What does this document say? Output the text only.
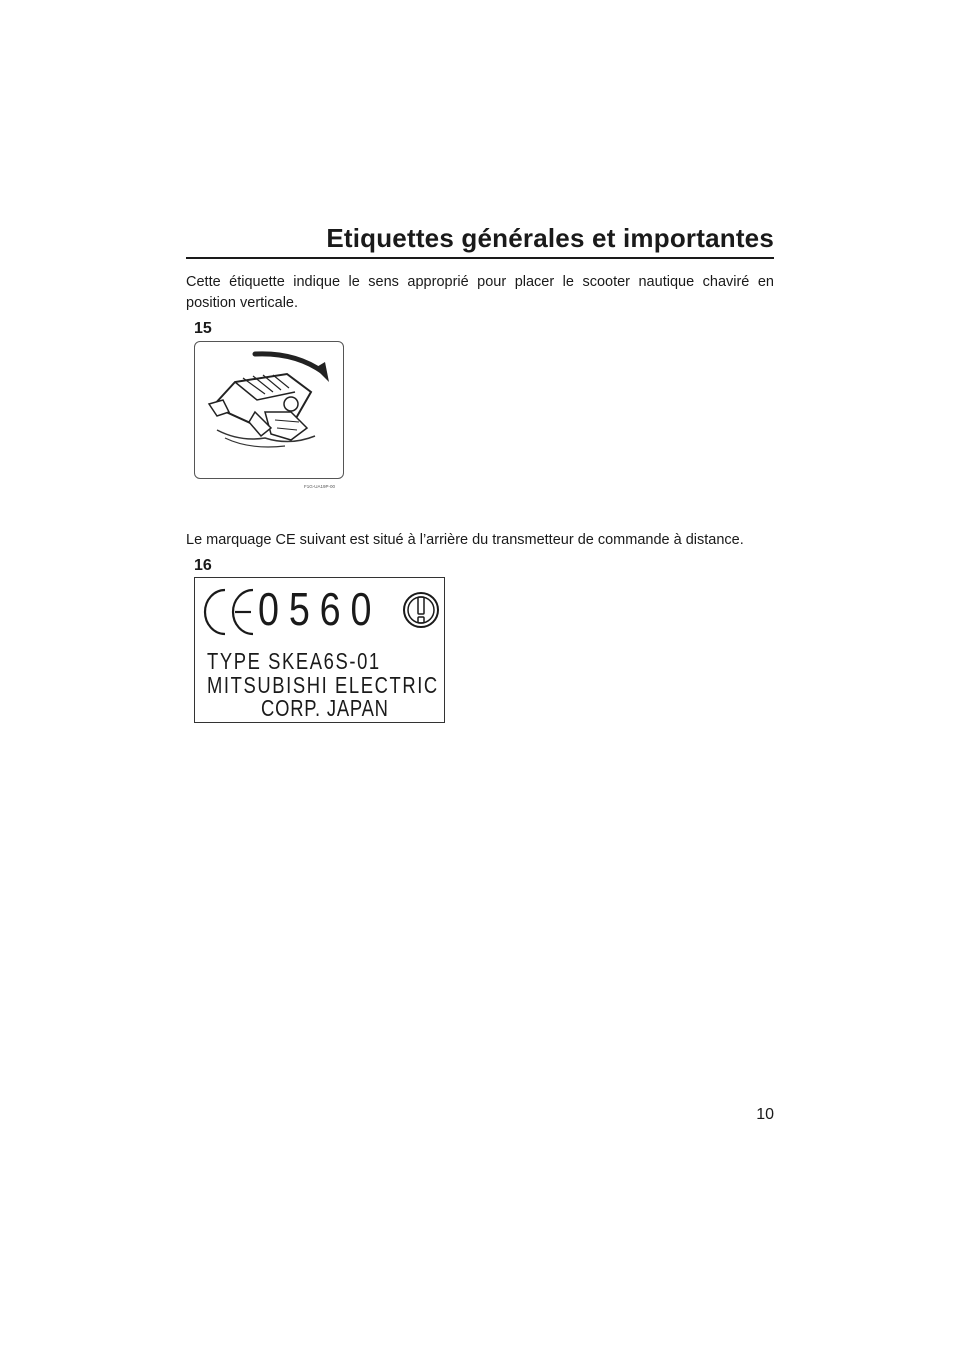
Etiquettes générales et importantes

Cette étiquette indique le sens approprié pour placer le scooter nautique chaviré en position verticale.

15
F1G-UA19P-00

Le marquage CE suivant est situé à l’arrière du transmetteur de commande à distance.

16
0560
TYPE SKEA6S-01
MITSUBISHI ELECTRIC
CORP. JAPAN
10
